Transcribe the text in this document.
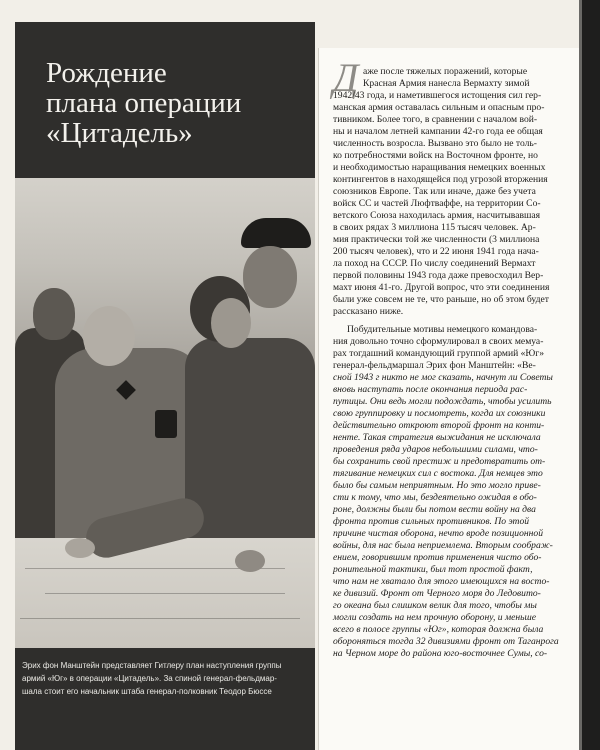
Рождение
плана операции
«Цитадель»
Эрих фон Манштейн представляет Гитлеру план наступления группы
армий «Юг» в операции «Цитадель». За спиной генерал-фельдмар-
шала стоит его начальник штаба генерал-полковник Теодор Бюссе
Д аже после тяжелых поражений, которые
Красная Армия нанесла Вермахту зимой
1942/43 года, и наметившегося истощения сил гер-
манская армия оставалась сильным и опасным про-
тивником. Более того, в сравнении с началом вой-
ны и началом летней кампании 42-го года ее общая
численность возросла. Вызвано это было не толь-
ко потребностями войск на Восточном фронте, но
и необходимостью наращивания немецких военных
контингентов в находящейся под угрозой вторжения
союзников Европе. Так или иначе, даже без учета
войск СС и частей Люфтваффе, на территории Со-
ветского Союза находилась армия, насчитывавшая
в своих рядах 3 миллиона 115 тысяч человек. Ар-
мия практически той же численности (3 миллиона
200 тысяч человек), что и 22 июня 1941 года нача-
ла поход на СССР. По числу соединений Вермахт
первой половины 1943 года даже превосходил Вер-
махт июня 41-го. Другой вопрос, что эти соединения
были уже совсем не те, что раньше, но об этом будет
рассказано ниже.
Побудительные мотивы немецкого командова-
ния довольно точно сформулировал в своих мемуа-
рах тогдашний командующий группой армий «Юг»
генерал-фельдмаршал Эрих фон Манштейн: «Ве-
сной 1943 г никто не мог сказать, начнут ли Советы
вновь наступать после окончания периода рас-
путицы. Они ведь могли подождать, чтобы усилить
свою группировку и посмотреть, когда их союзники
действительно откроют второй фронт на конти-
ненте. Такая стратегия выжидания не исключала
проведения ряда ударов небольшими силами, что-
бы сохранить свой престиж и предотвратить от-
тягивание немецких сил с востока. Для немцев это
было бы самым неприятным. Но это могло приве-
сти к тому, что мы, бездеятельно ожидая в обо-
роне, должны были бы потом вести войну на два
фронта против сильных противников. По этой
причине чистая оборона, нечто вроде позиционной
войны, для нас была неприемлема. Вторым соображ-
ением, говорившим против применения чисто обо-
ронительной тактики, был тот простой факт,
что нам не хватало для этого имеющихся на восто-
ке дивизий. Фронт от Черного моря до Ледовито-
го океана был слишком велик для того, чтобы мы
могли создать на нем прочную оборону, и меньше
всего в полосе группы «Юг», которая должна была
обороняться тогда 32 дивизиями фронт от Таганрога
на Черном море до района юго-восточнее Сумы, со-
